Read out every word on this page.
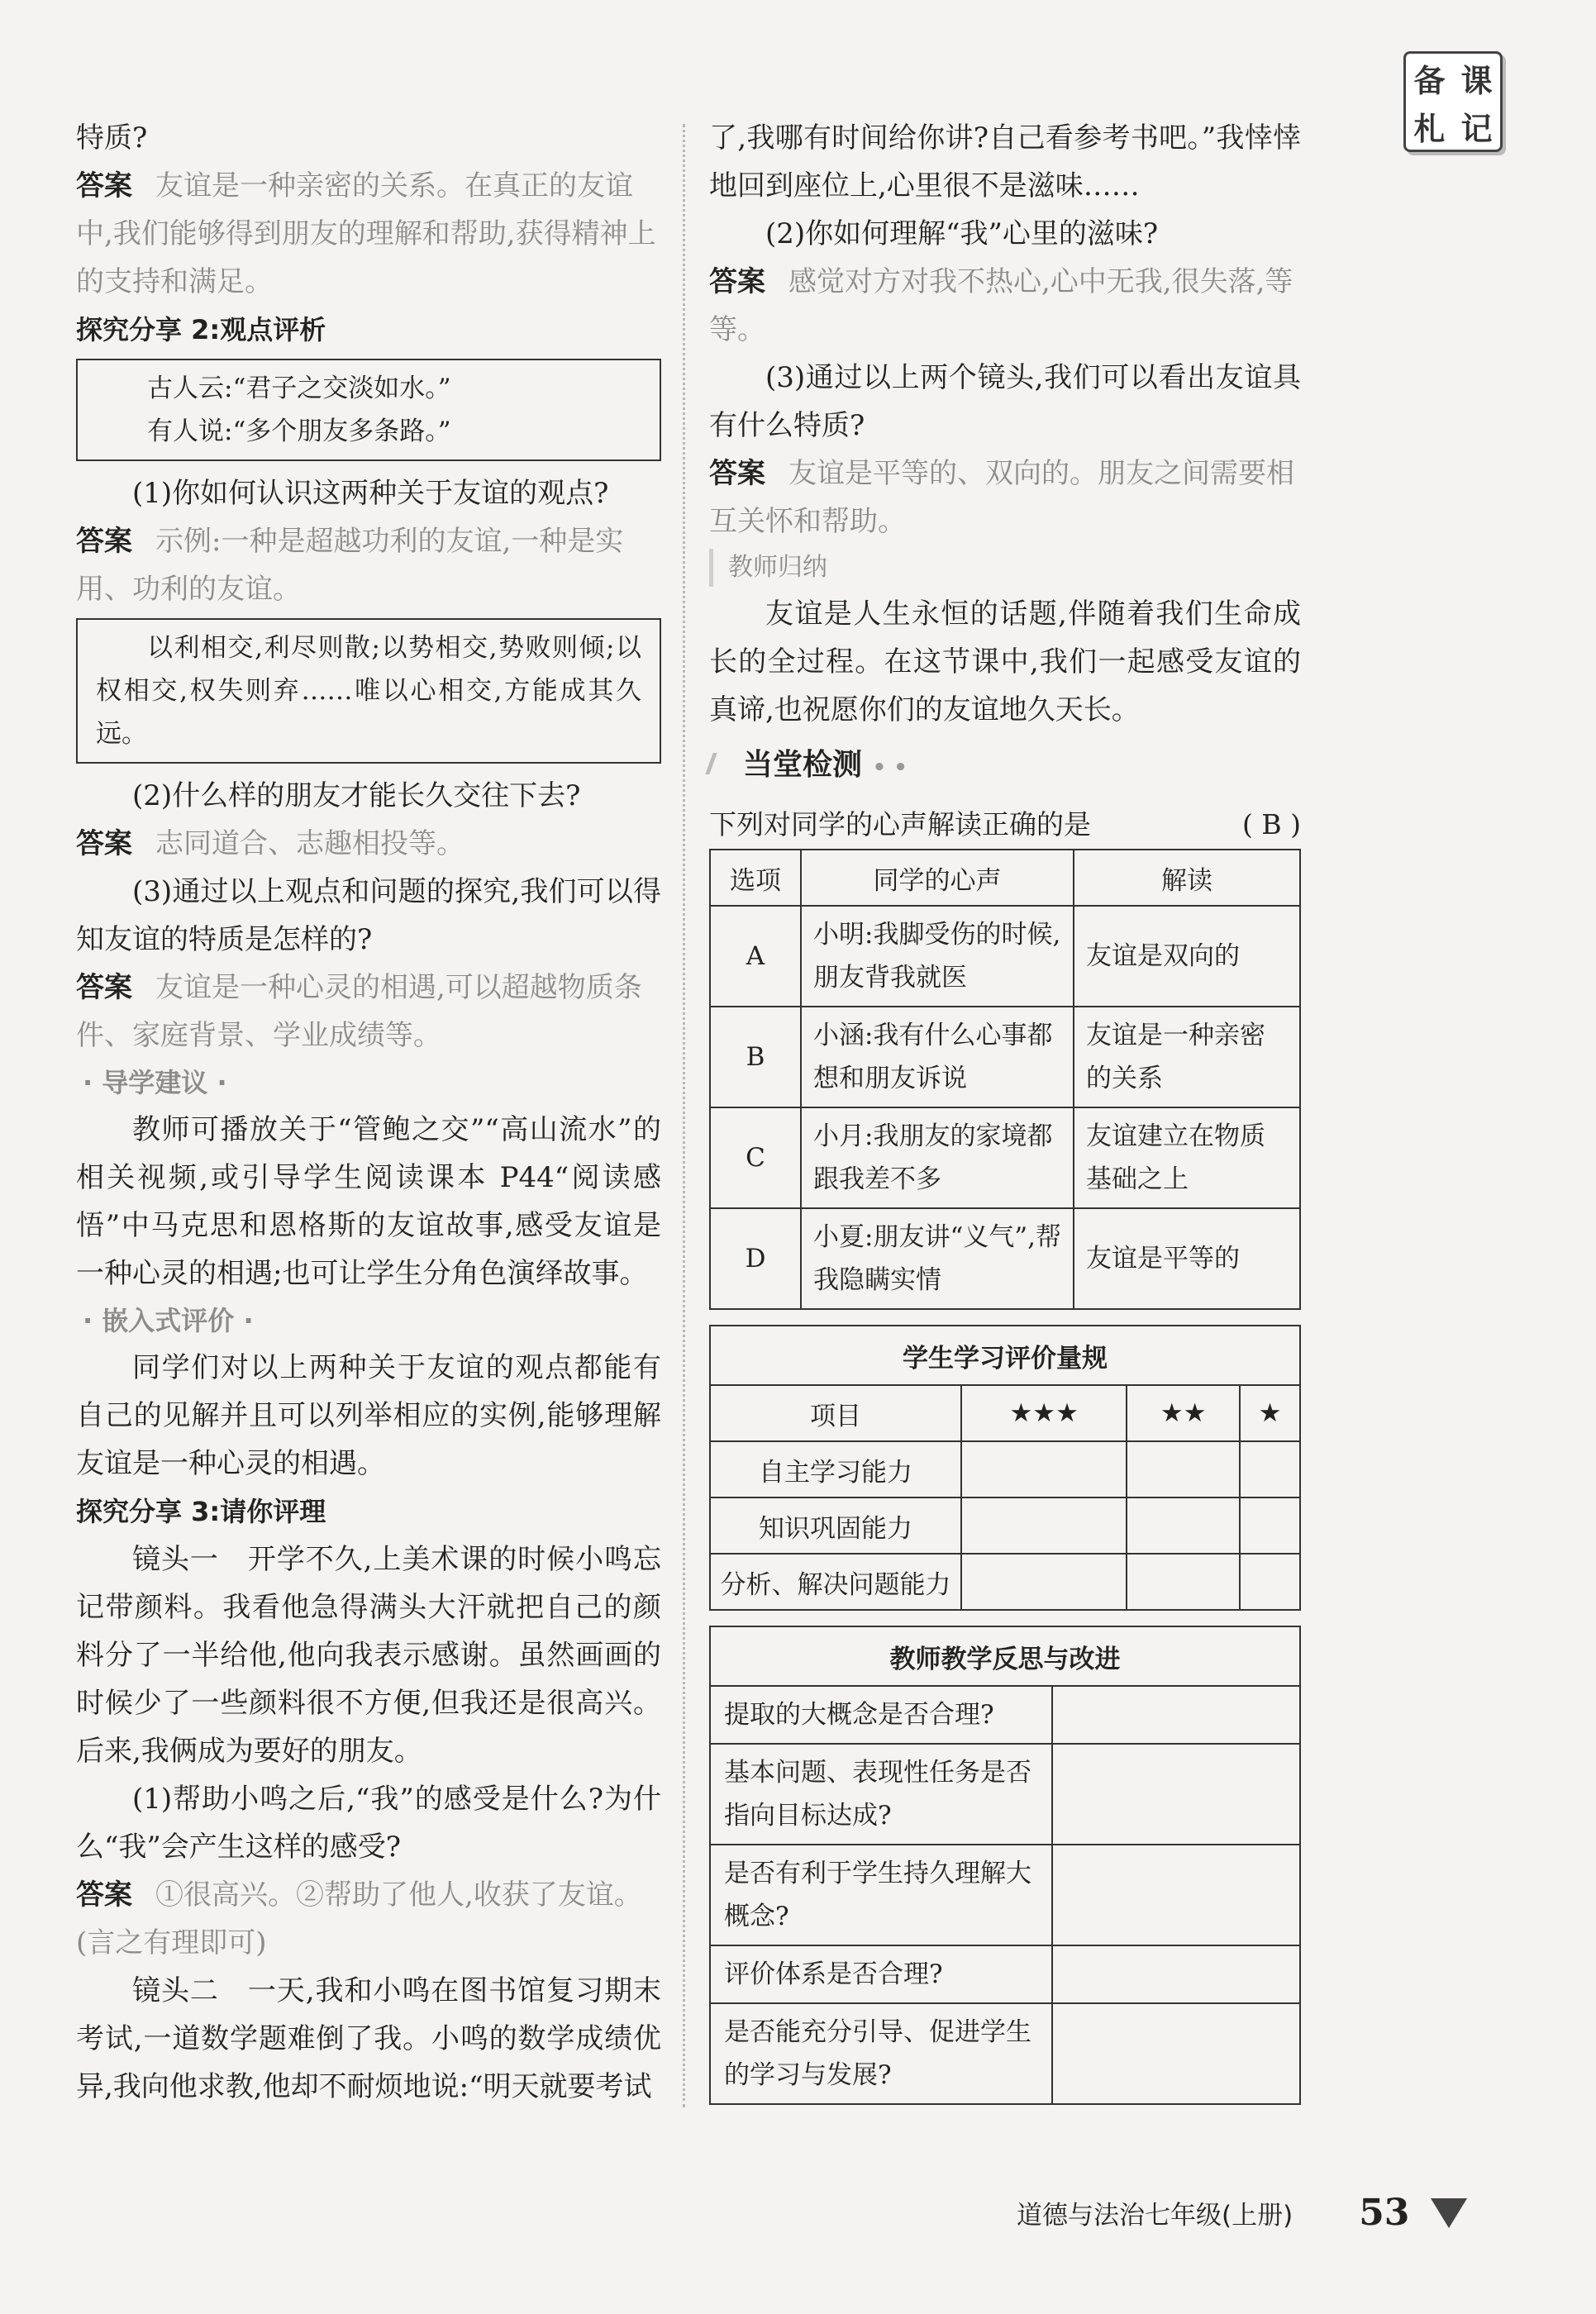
备 课
札 记

特质?

答案 友谊是一种亲密的关系。在真正的友谊中,我们能够得到朋友的理解和帮助,获得精神上的支持和满足。

探究分享 2:观点评析

古人云:“君子之交淡如水。”

有人说:“多个朋友多条路。”

(1)你如何认识这两种关于友谊的观点?

答案 示例:一种是超越功利的友谊,一种是实用、功利的友谊。

以利相交,利尽则散;以势相交,势败则倾;以权相交,权失则弃……唯以心相交,方能成其久远。

(2)什么样的朋友才能长久交往下去?

答案 志同道合、志趣相投等。

(3)通过以上观点和问题的探究,我们可以得知友谊的特质是怎样的?

答案 友谊是一种心灵的相遇,可以超越物质条件、家庭背景、学业成绩等。

· 导学建议 ·

教师可播放关于“管鲍之交”“高山流水”的相关视频,或引导学生阅读课本 P44“阅读感悟”中马克思和恩格斯的友谊故事,感受友谊是一种心灵的相遇;也可让学生分角色演绎故事。

· 嵌入式评价 ·

同学们对以上两种关于友谊的观点都能有自己的见解并且可以列举相应的实例,能够理解友谊是一种心灵的相遇。

探究分享 3:请你评理

镜头一　开学不久,上美术课的时候小鸣忘记带颜料。我看他急得满头大汗就把自己的颜料分了一半给他,他向我表示感谢。虽然画画的时候少了一些颜料很不方便,但我还是很高兴。后来,我俩成为要好的朋友。

(1)帮助小鸣之后,“我”的感受是什么?为什么“我”会产生这样的感受?

答案 ①很高兴。②帮助了他人,收获了友谊。(言之有理即可)

镜头二　一天,我和小鸣在图书馆复习期末考试,一道数学题难倒了我。小鸣的数学成绩优异,我向他求教,他却不耐烦地说:“明天就要考试

了,我哪有时间给你讲?自己看参考书吧。”我悻悻地回到座位上,心里很不是滋味……

(2)你如何理解“我”心里的滋味?

答案 感觉对方对我不热心,心中无我,很失落,等等。

(3)通过以上两个镜头,我们可以看出友谊具有什么特质?

答案 友谊是平等的、双向的。朋友之间需要相互关怀和帮助。

教师归纳

友谊是人生永恒的话题,伴随着我们生命成长的全过程。在这节课中,我们一起感受友谊的真谛,也祝愿你们的友谊地久天长。

当堂检测 • •

下列对同学的心声解读正确的是	( B )
选项	同学的心声	解读
A	小明:我脚受伤的时候,朋友背我就医	友谊是双向的
B	小涵:我有什么心事都想和朋友诉说	友谊是一种亲密的关系
C	小月:我朋友的家境都跟我差不多	友谊建立在物质基础之上
D	小夏:朋友讲“义气”,帮我隐瞒实情	友谊是平等的
学生学习评价量规			
项目	★★★	★★	★
自主学习能力			
知识巩固能力			
分析、解决问题能力			
教师教学反思与改进	
提取的大概念是否合理?	
基本问题、表现性任务是否指向目标达成?	
是否有利于学生持久理解大概念?	
评价体系是否合理?	
是否能充分引导、促进学生的学习与发展?	
道德与法治七年级(上册) 53
